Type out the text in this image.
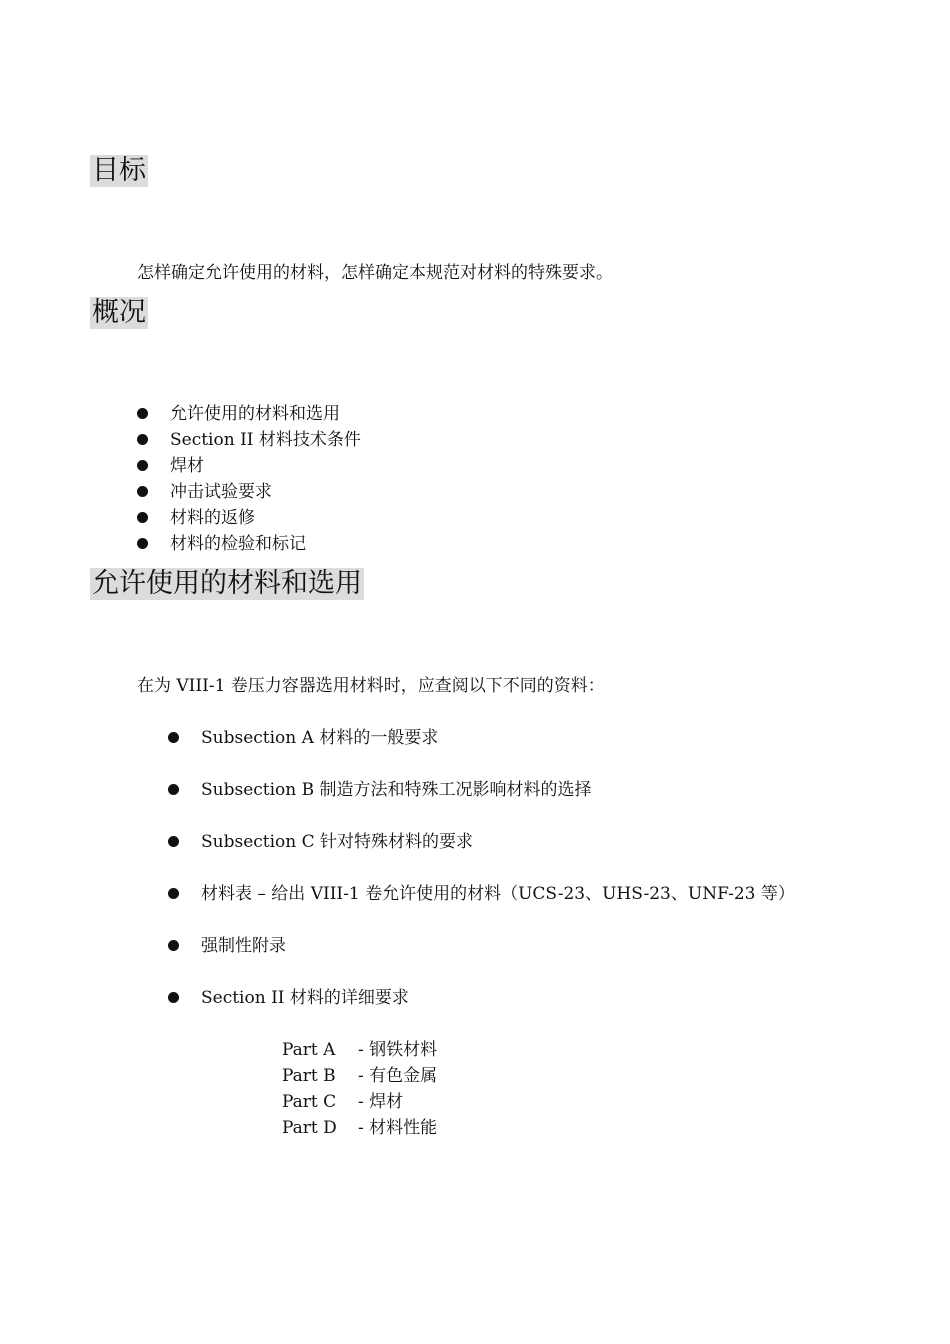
目标

怎样确定允许使用的材料，怎样确定本规范对材料的特殊要求。

概况
允许使用的材料和选用
Section II 材料技术条件
焊材
冲击试验要求
材料的返修
材料的检验和标记
允许使用的材料和选用

在为 VIII-1 卷压力容器选用材料时，应查阅以下不同的资料：

Subsection A 材料的一般要求
Subsection B 制造方法和特殊工况影响材料的选择
Subsection C 针对特殊材料的要求
材料表 – 给出 VIII-1 卷允许使用的材料（UCS-23、UHS-23、UNF-23 等）
强制性附录
Section II 材料的详细要求
Part A - 钢铁材料
Part B - 有色金属
Part C - 焊材
Part D - 材料性能
